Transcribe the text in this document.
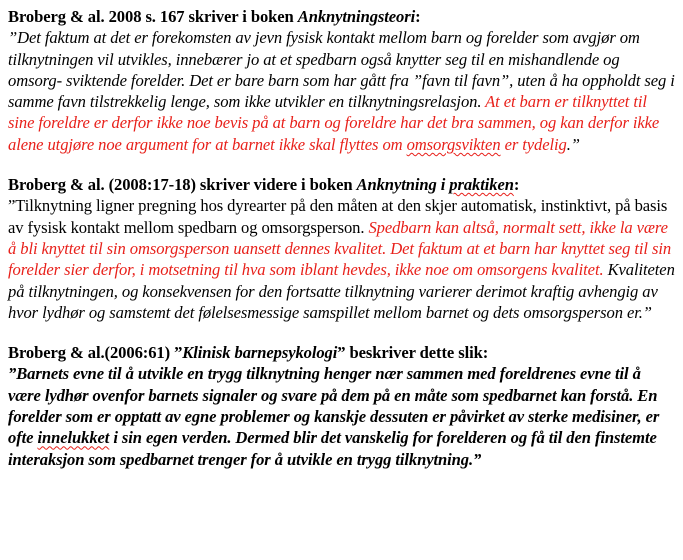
Broberg & al. 2008 s. 167 skriver i boken Anknytningsteori:
”Det faktum at det er forekomsten av jevn fysisk kontakt mellom barn og forelder som avgjør om tilknytningen vil utvikles, innebærer jo at et spedbarn også knytter seg til en mishandlende og omsorg- sviktende forelder. Det er bare barn som har gått fra ”favn til favn”, uten å ha oppholdt seg i samme favn tilstrekkelig lenge, som ikke utvikler en tilknytningsrelasjon. At et barn er tilknyttet til sine foreldre er derfor ikke noe bevis på at barn og foreldre har det bra sammen, og kan derfor ikke alene utgjøre noe argument for at barnet ikke skal flyttes om omsorgsvikten er tydelig.”
Broberg & al. (2008:17-18) skriver videre i boken Anknytning i praktiken:
”Tilknytning ligner pregning hos dyrearter på den måten at den skjer automatisk, instinktivt, på basis av fysisk kontakt mellom spedbarn og omsorgsperson. Spedbarn kan altså, normalt sett, ikke la være å bli knyttet til sin omsorgsperson uansett dennes kvalitet. Det faktum at et barn har knyttet seg til sin forelder sier derfor, i motsetning til hva som iblant hevdes, ikke noe om omsorgens kvalitet. Kvaliteten på tilknytningen, og konsekvensen for den fortsatte tilknytning varierer derimot kraftig avhengig av hvor lydhør og samstemt det følelsesmessige samspillet mellom barnet og dets omsorgsperson er.”
Broberg & al.(2006:61) ”Klinisk barnepsykologi” beskriver dette slik:
”Barnets evne til å utvikle en trygg tilknytning henger nær sammen med foreldrenes evne til å være lydhør ovenfor barnets signaler og svare på dem på en måte som spedbarnet kan forstå. En forelder som er opptatt av egne problemer og kanskje dessuten er påvirket av sterke medisiner, er ofte innelukket i sin egen verden. Dermed blir det vanskelig for forelderen og få til den finstemte interaksjon som spedbarnet trenger for å utvikle en trygg tilknytning.”
